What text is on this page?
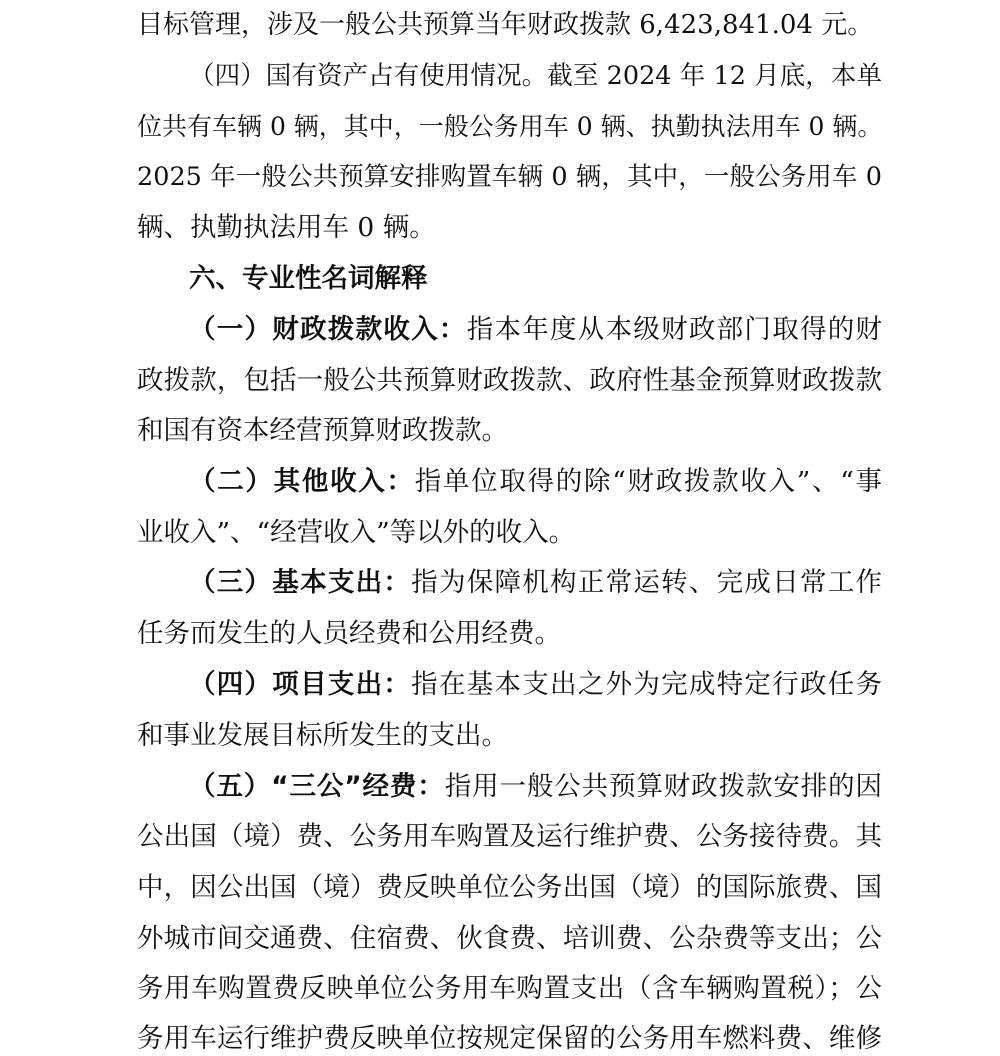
目标管理，涉及一般公共预算当年财政拨款 6,423,841.04 元。
（四）国有资产占有使用情况。截至 2024 年 12 月底，本单
位共有车辆 0 辆，其中，一般公务用车 0 辆、执勤执法用车 0 辆。
2025 年一般公共预算安排购置车辆 0 辆，其中，一般公务用车 0
辆、执勤执法用车 0 辆。
六、专业性名词解释
（一）财政拨款收入：指本年度从本级财政部门取得的财
政拨款，包括一般公共预算财政拨款、政府性基金预算财政拨款
和国有资本经营预算财政拨款。
（二）其他收入：指单位取得的除“财政拨款收入”、“事
业收入”、“经营收入”等以外的收入。
（三）基本支出：指为保障机构正常运转、完成日常工作
任务而发生的人员经费和公用经费。
（四）项目支出：指在基本支出之外为完成特定行政任务
和事业发展目标所发生的支出。
（五）“三公”经费：指用一般公共预算财政拨款安排的因
公出国（境）费、公务用车购置及运行维护费、公务接待费。其
中，因公出国（境）费反映单位公务出国（境）的国际旅费、国
外城市间交通费、住宿费、伙食费、培训费、公杂费等支出；公
务用车购置费反映单位公务用车购置支出（含车辆购置税）；公
务用车运行维护费反映单位按规定保留的公务用车燃料费、维修
